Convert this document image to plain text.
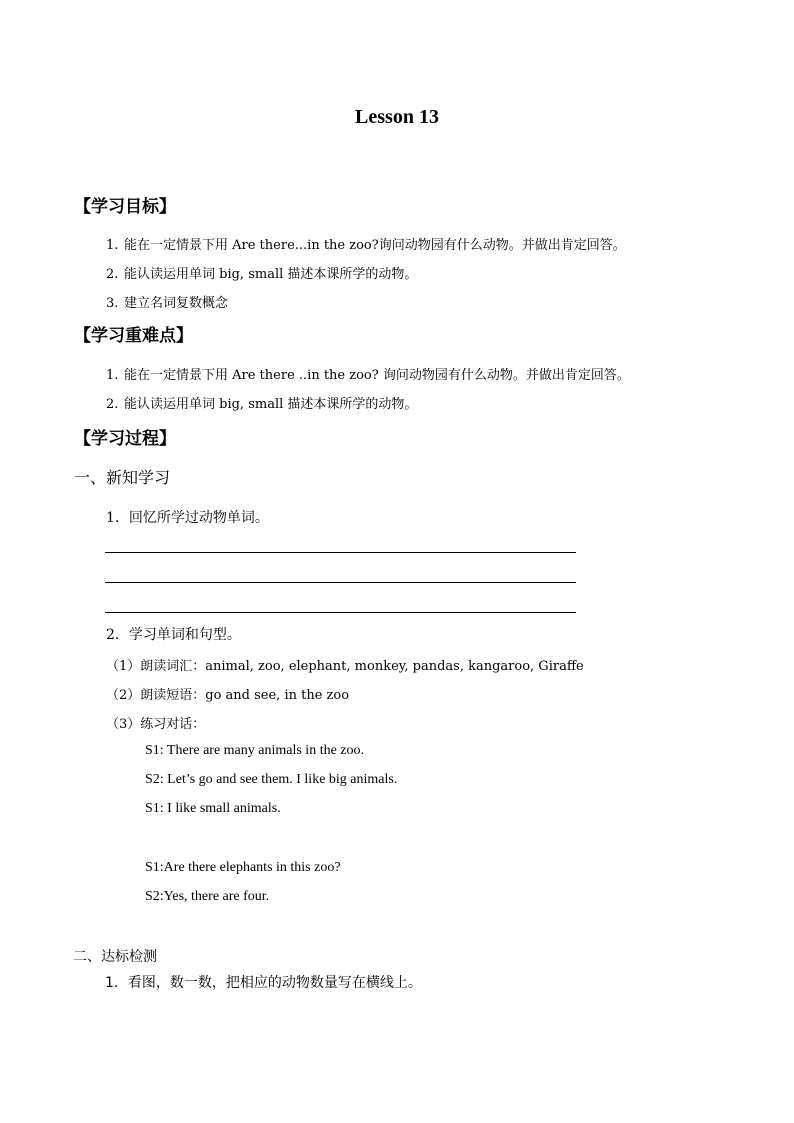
Lesson 13
【学习目标】
1. 能在一定情景下用 Are there...in the zoo?询问动物园有什么动物。并做出肯定回答。
2. 能认读运用单词 big, small 描述本课所学的动物。
3. 建立名词复数概念
【学习重难点】
1. 能在一定情景下用 Are there ..in the zoo? 询问动物园有什么动物。并做出肯定回答。
2. 能认读运用单词 big, small 描述本课所学的动物。
【学习过程】
一、新知学习
1．回忆所学过动物单词。
2．学习单词和句型。
（1）朗读词汇：animal, zoo, elephant, monkey, pandas, kangaroo, Giraffe
（2）朗读短语：go and see, in the zoo
（3）练习对话：
S1: There are many animals in the zoo.
S2: Let’s go and see them. I like big animals.
S1: I like small animals.
S1:Are there elephants in this zoo?
S2:Yes, there are four.
二、达标检测
1．看图，数一数，把相应的动物数量写在横线上。
